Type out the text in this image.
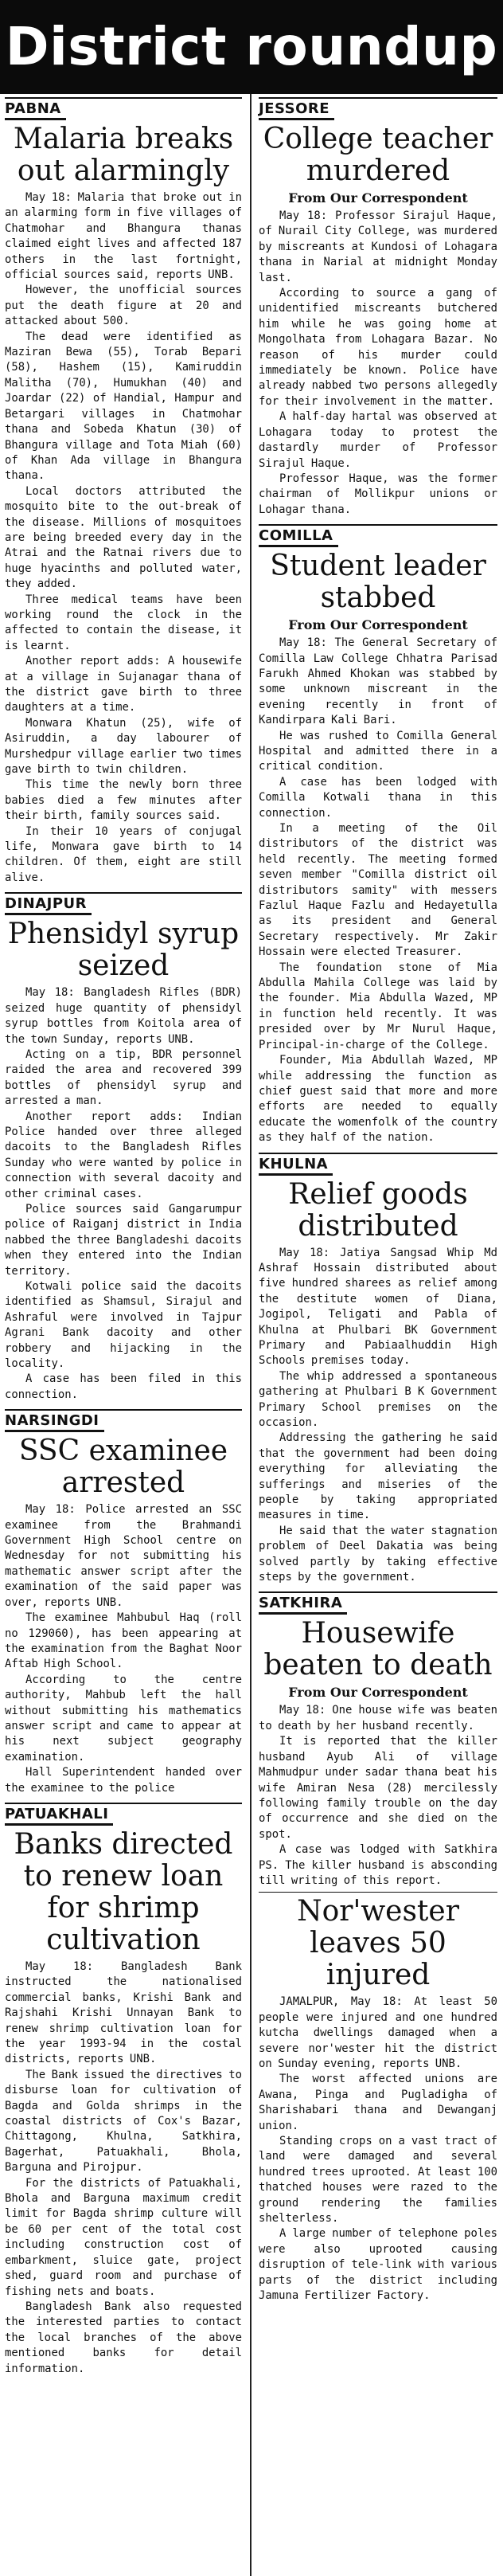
District roundup
PABNA
Malaria breaks out alarmingly

May 18: Malaria that broke out in an alarming form in five villages of Chatmohar and Bhangura thanas claimed eight lives and affected 187 others in the last fortnight, official sources said, reports UNB.

However, the unofficial sources put the death figure at 20 and attacked about 500.

The dead were identified as Maziran Bewa (55), Torab Bepari (58), Hashem (15), Kamiruddin Malitha (70), Humukhan (40) and Joardar (22) of Handial, Hampur and Betargari villages in Chatmohar thana and Sobeda Khatun (30) of Bhangura village and Tota Miah (60) of Khan Ada village in Bhangura thana.

Local doctors attributed the mosquito bite to the out-break of the disease. Millions of mosquitoes are being breeded every day in the Atrai and the Ratnai rivers due to huge hyacinths and polluted water, they added.

Three medical teams have been working round the clock in the affected to contain the disease, it is learnt.

Another report adds: A housewife at a village in Sujanagar thana of the district gave birth to three daughters at a time.

Monwara Khatun (25), wife of Asiruddin, a day labourer of Murshedpur village earlier two times gave birth to twin children.

This time the newly born three babies died a few minutes after their birth, family sources said.

In their 10 years of conjugal life, Monwara gave birth to 14 children. Of them, eight are still alive.

DINAJPUR
Phensidyl syrup seized

May 18: Bangladesh Rifles (BDR) seized huge quantity of phensidyl syrup bottles from Koitola area of the town Sunday, reports UNB.

Acting on a tip, BDR personnel raided the area and recovered 399 bottles of phensidyl syrup and arrested a man.

Another report adds: Indian Police handed over three alleged dacoits to the Bangladesh Rifles Sunday who were wanted by police in connection with several dacoity and other criminal cases.

Police sources said Gangarumpur police of Raiganj district in India nabbed the three Bangladeshi dacoits when they entered into the Indian territory.

Kotwali police said the dacoits identified as Shamsul, Sirajul and Ashraful were involved in Tajpur Agrani Bank dacoity and other robbery and hijacking in the locality.

A case has been filed in this connection.

NARSINGDI
SSC examinee arrested

May 18: Police arrested an SSC examinee from the Brahmandi Government High School centre on Wednesday for not submitting his mathematic answer script after the examination of the said paper was over, reports UNB.

The examinee Mahbubul Haq (roll no 129060), has been appearing at the examination from the Baghat Noor Aftab High School.

According to the centre authority, Mahbub left the hall without submitting his mathematics answer script and came to appear at his next subject geography examination.

Hall Superintendent handed over the examinee to the police

PATUAKHALI
Banks directed to renew loan for shrimp cultivation

May 18: Bangladesh Bank instructed the nationalised commercial banks, Krishi Bank and Rajshahi Krishi Unnayan Bank to renew shrimp cultivation loan for the year 1993-94 in the costal districts, reports UNB.

The Bank issued the directives to disburse loan for cultivation of Bagda and Golda shrimps in the coastal districts of Cox's Bazar, Chittagong, Khulna, Satkhira, Bagerhat, Patuakhali, Bhola, Barguna and Pirojpur.

For the districts of Patuakhali, Bhola and Barguna maximum credit limit for Bagda shrimp culture will be 60 per cent of the total cost including construction cost of embarkment, sluice gate, project shed, guard room and purchase of fishing nets and boats.

Bangladesh Bank also requested the interested parties to contact the local branches of the above mentioned banks for detail information.

JESSORE
College teacher murdered
From Our Correspondent

May 18: Professor Sirajul Haque, of Nurail City College, was murdered by miscreants at Kundosi of Lohagara thana in Narial at midnight Monday last.

According to source a gang of unidentified miscreants butchered him while he was going home at Mongolhata from Lohagara Bazar. No reason of his murder could immediately be known. Police have already nabbed two persons allegedly for their involvement in the matter.

A half-day hartal was observed at Lohagara today to protest the dastardly murder of Professor Sirajul Haque.

Professor Haque, was the former chairman of Mollikpur unions or Lohagar thana.

COMILLA
Student leader stabbed
From Our Correspondent

May 18: The General Secretary of Comilla Law College Chhatra Parisad Farukh Ahmed Khokan was stabbed by some unknown miscreant in the evening recently in front of Kandirpara Kali Bari.

He was rushed to Comilla General Hospital and admitted there in a critical condition.

A case has been lodged with Comilla Kotwali thana in this connection.

In a meeting of the Oil distributors of the district was held recently. The meeting formed seven member "Comilla district oil distributors samity" with messers Fazlul Haque Fazlu and Hedayetulla as its president and General Secretary respectively. Mr Zakir Hossain were elected Treasurer.

The foundation stone of Mia Abdulla Mahila College was laid by the founder. Mia Abdulla Wazed, MP in function held recently. It was presided over by Mr Nurul Haque, Principal-in-charge of the College.

Founder, Mia Abdullah Wazed, MP while addressing the function as chief guest said that more and more efforts are needed to equally educate the womenfolk of the country as they half of the nation.

KHULNA
Relief goods distributed

May 18: Jatiya Sangsad Whip Md Ashraf Hossain distributed about five hundred sharees as relief among the destitute women of Diana, Jogipol, Teligati and Pabla of Khulna at Phulbari BK Government Primary and Pabiaalhuddin High Schools premises today.

The whip addressed a spontaneous gathering at Phulbari B K Government Primary School premises on the occasion.

Addressing the gathering he said that the government had been doing everything for alleviating the sufferings and miseries of the people by taking appropriated measures in time.

He said that the water stagnation problem of Deel Dakatia was being solved partly by taking effective steps by the government.

SATKHIRA
Housewife beaten to death
From Our Correspondent

May 18: One house wife was beaten to death by her husband recently.

It is reported that the killer husband Ayub Ali of village Mahmudpur under sadar thana beat his wife Amiran Nesa (28) mercilessly following family trouble on the day of occurrence and she died on the spot.

A case was lodged with Satkhira PS. The killer husband is absconding till writing of this report.

Nor'wester leaves 50 injured

JAMALPUR, May 18: At least 50 people were injured and one hundred kutcha dwellings damaged when a severe nor'wester hit the district on Sunday evening, reports UNB.

The worst affected unions are Awana, Pinga and Pugladigha of Sharishabari thana and Dewanganj union.

Standing crops on a vast tract of land were damaged and several hundred trees uprooted. At least 100 thatched houses were razed to the ground rendering the families shelterless.

A large number of telephone poles were also uprooted causing disruption of tele-link with various parts of the district including Jamuna Fertilizer Factory.
